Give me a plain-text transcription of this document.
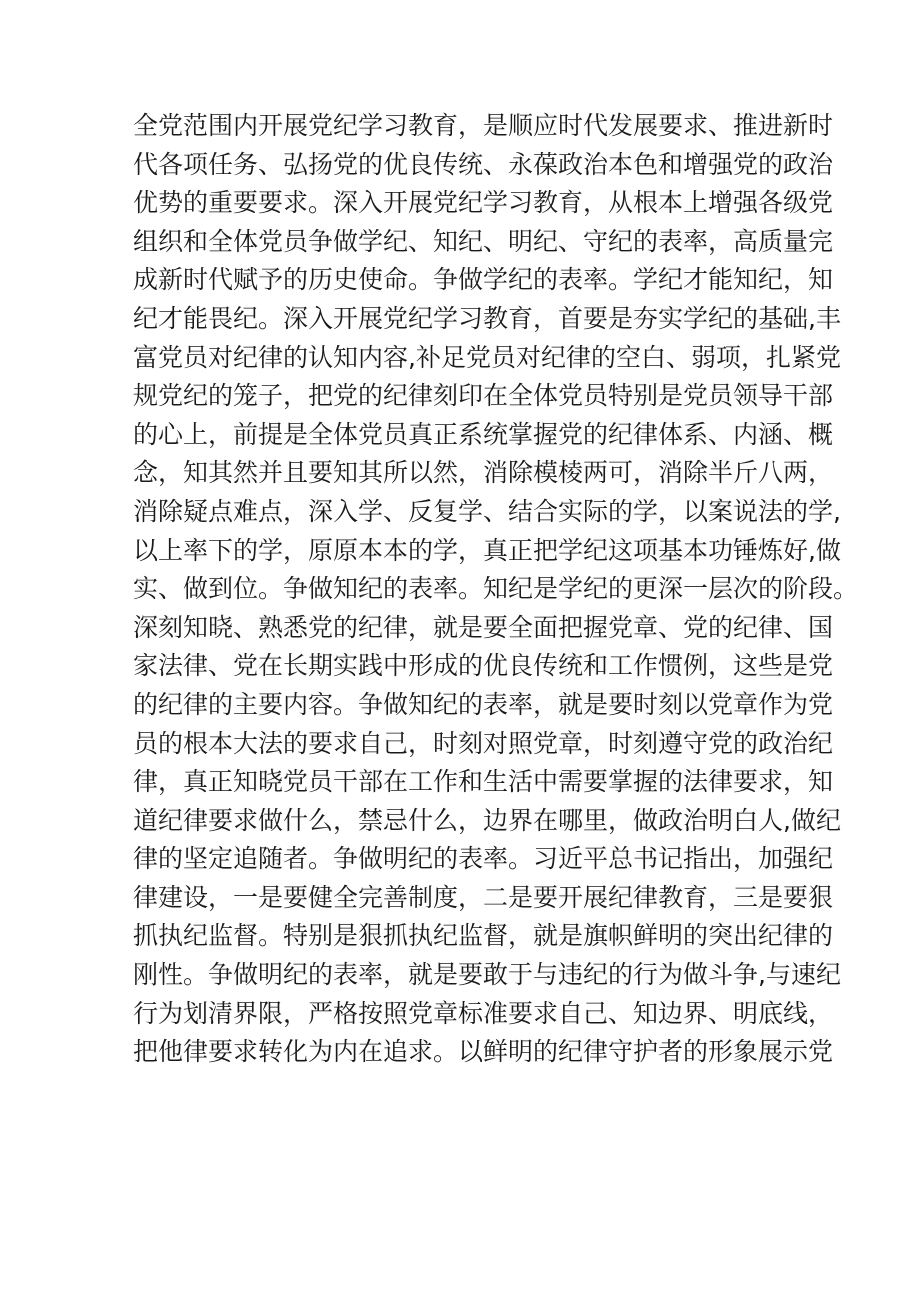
全党范围内开展党纪学习教育，是顺应时代发展要求、推进新时
代各项任务、弘扬党的优良传统、永葆政治本色和增强党的政治
优势的重要要求。深入开展党纪学习教育，从根本上增强各级党
组织和全体党员争做学纪、知纪、明纪、守纪的表率，高质量完
成新时代赋予的历史使命。争做学纪的表率。学纪才能知纪，知
纪才能畏纪。深入开展党纪学习教育，首要是夯实学纪的基础,丰
富党员对纪律的认知内容,补足党员对纪律的空白、弱项，扎紧党
规党纪的笼子，把党的纪律刻印在全体党员特别是党员领导干部
的心上，前提是全体党员真正系统掌握党的纪律体系、内涵、概
念，知其然并且要知其所以然，消除模棱两可，消除半斤八两，
消除疑点难点，深入学、反复学、结合实际的学，以案说法的学,
以上率下的学，原原本本的学，真正把学纪这项基本功锤炼好,做
实、做到位。争做知纪的表率。知纪是学纪的更深一层次的阶段。
深刻知晓、熟悉党的纪律，就是要全面把握党章、党的纪律、国
家法律、党在长期实践中形成的优良传统和工作惯例，这些是党
的纪律的主要内容。争做知纪的表率，就是要时刻以党章作为党
员的根本大法的要求自己，时刻对照党章，时刻遵守党的政治纪
律，真正知晓党员干部在工作和生活中需要掌握的法律要求，知
道纪律要求做什么，禁忌什么，边界在哪里，做政治明白人,做纪
律的坚定追随者。争做明纪的表率。习近平总书记指出，加强纪
律建设，一是要健全完善制度，二是要开展纪律教育，三是要狠
抓执纪监督。特别是狠抓执纪监督，就是旗帜鲜明的突出纪律的
刚性。争做明纪的表率，就是要敢于与违纪的行为做斗争,与速纪
行为划清界限，严格按照党章标准要求自己、知边界、明底线，
把他律要求转化为内在追求。以鲜明的纪律守护者的形象展示党
